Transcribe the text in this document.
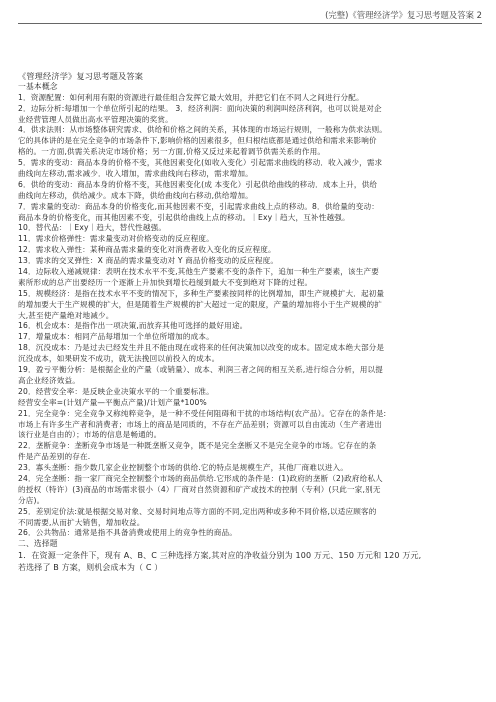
(完整)《管理经济学》复习思考题及答案 2
《管理经济学》复习思考题及答案
一基本概念
1．资源配置：如何利用有限的资源进行最佳组合发挥它最大效用，并把它们在不同人之间进行分配。
2．边际分析:每增加一个单位所引起的结果。 3．经济利润：面向决策的利润叫经济利润，也可以说是对企
业经营管理人员做出高水平管理决策的奖赏。
4．供求法则：从市场整体研究需求、供给和价格之间的关系，其体现的市场运行规则，一般称为供求法则。
它的具体讲的是在完全竞争的市场条件下,影响价格的因素很多，但归根结底都是通过供给和需求来影响价
格的。一方面,供需关系决定市场价格；另一方面,价格又反过来起着调节供需关系的作用。
5．需求的变动：商品本身的价格不变，其他因素变化(如收入变化）引起需求曲线的移动．收入减少，需求
曲线向左移动,需求减少．收入增加，需求曲线向右移动，需求增加。
6．供给的变动：商品本身的价格不变，其他因素变化(成 本变化）引起供给曲线的移动．成本上升，供给
曲线向左移动，供给减少。成本下降，供给曲线向右移动,供给增加。
7．需求量的变动：商品本身的价格变化,而其他因素不变，引起需求曲线上点的移动。8．供给量的变动：
商品本身的价格变化，而其他因素不变，引起供给曲线上点的移动。｜Exy｜趋大，互补性越强。
10．替代品：｜Exy｜趋大，替代性越强。
11．需求价格弹性：需求量变动对价格变动的反应程度。
12．需求收入弹性：某种商品需求量的变化对消费者收入变化的反应程度。
13．需求的交叉弹性：X 商品的需求量变动对 Y 商品价格变动的反应程度。
14．边际收入递减规律：表明在技术水平不变,其他生产要素不变的条件下，追加一种生产要素，该生产要
素所形成的总产出要经历一个逐渐上升加快到增长趋缓到最大不变到绝对下降的过程。
15．规模经济：是指在技术水平不变的情况下，多种生产要素按同样的比例增加，即生产规模扩大．起初量
的增加要大于生产规模的扩大，但是随着生产规模的扩大超过一定的限度，产量的增加将小于生产规模的扩
大,甚至使产量绝对地减少。
16．机会成本：是指作出一项决策,而放弃其他可选择的最好用途。
17．增量成本：相同产品每增加一个单位所增加的成本。
18．沉没成本：乃是过去已经发生并且不能由现在或将来的任何决策加以改变的成本。固定成本绝大部分是
沉没成本，如果研发不成功，就无法挽回以前投入的成本。
19．盈亏平衡分析：是根据企业的产量（或销量）、成本、利润三者之间的相互关系,进行综合分析，用以提
高企业经济效益。
20．经营安全率：是反映企业决策水平的一个重要标准。
经营安全率=(计划产量—平衡点产量)/计划产量*100%
21．完全竞争：完全竞争又称纯粹竞争，是一种不受任何阻碍和干扰的市场结构(农产品）。它存在的条件是:
市场上有许多生产者和消费者；市场上的商品是同质的，不存在产品差别；资源可以自由流动（生产者进出
该行业是自由的）；市场的信息是畅通的。
22．垄断竞争：垄断竞争市场是一种既垄断又竞争，既不是完全垄断又不是完全竞争的市场。它存在的条
件是产品差别的存在.
23．寡头垄断：指少数几家企业控制整个市场的供给.它的特点是规模生产，其他厂商难以进入。
24．完全垄断：指一家厂商完全控制整个市场的商品供给.它形成的条件是：(1)政府的垄断（2)政府给私人
的授权（特许）(3)商品的市场需求很小（4）厂商对自然资源和矿产或技术的控制（专利）(只此一家,别无
分店)。
25．差别定价法:就是根据交易对象、交易时间地点等方面的不同,定出两种或多种不同价格,以适应顾客的
不同需要,从而扩大销售，增加收益。
26．公共物品：通常是指不具备消费或使用上的竞争性的商品。
二、选择题
1．在资源一定条件下，现有 A、B、C 三种选择方案,其对应的净收益分别为 100 万元、150 万元和 120 万元,
若选择了 B 方案，则机会成本为（ C ）
